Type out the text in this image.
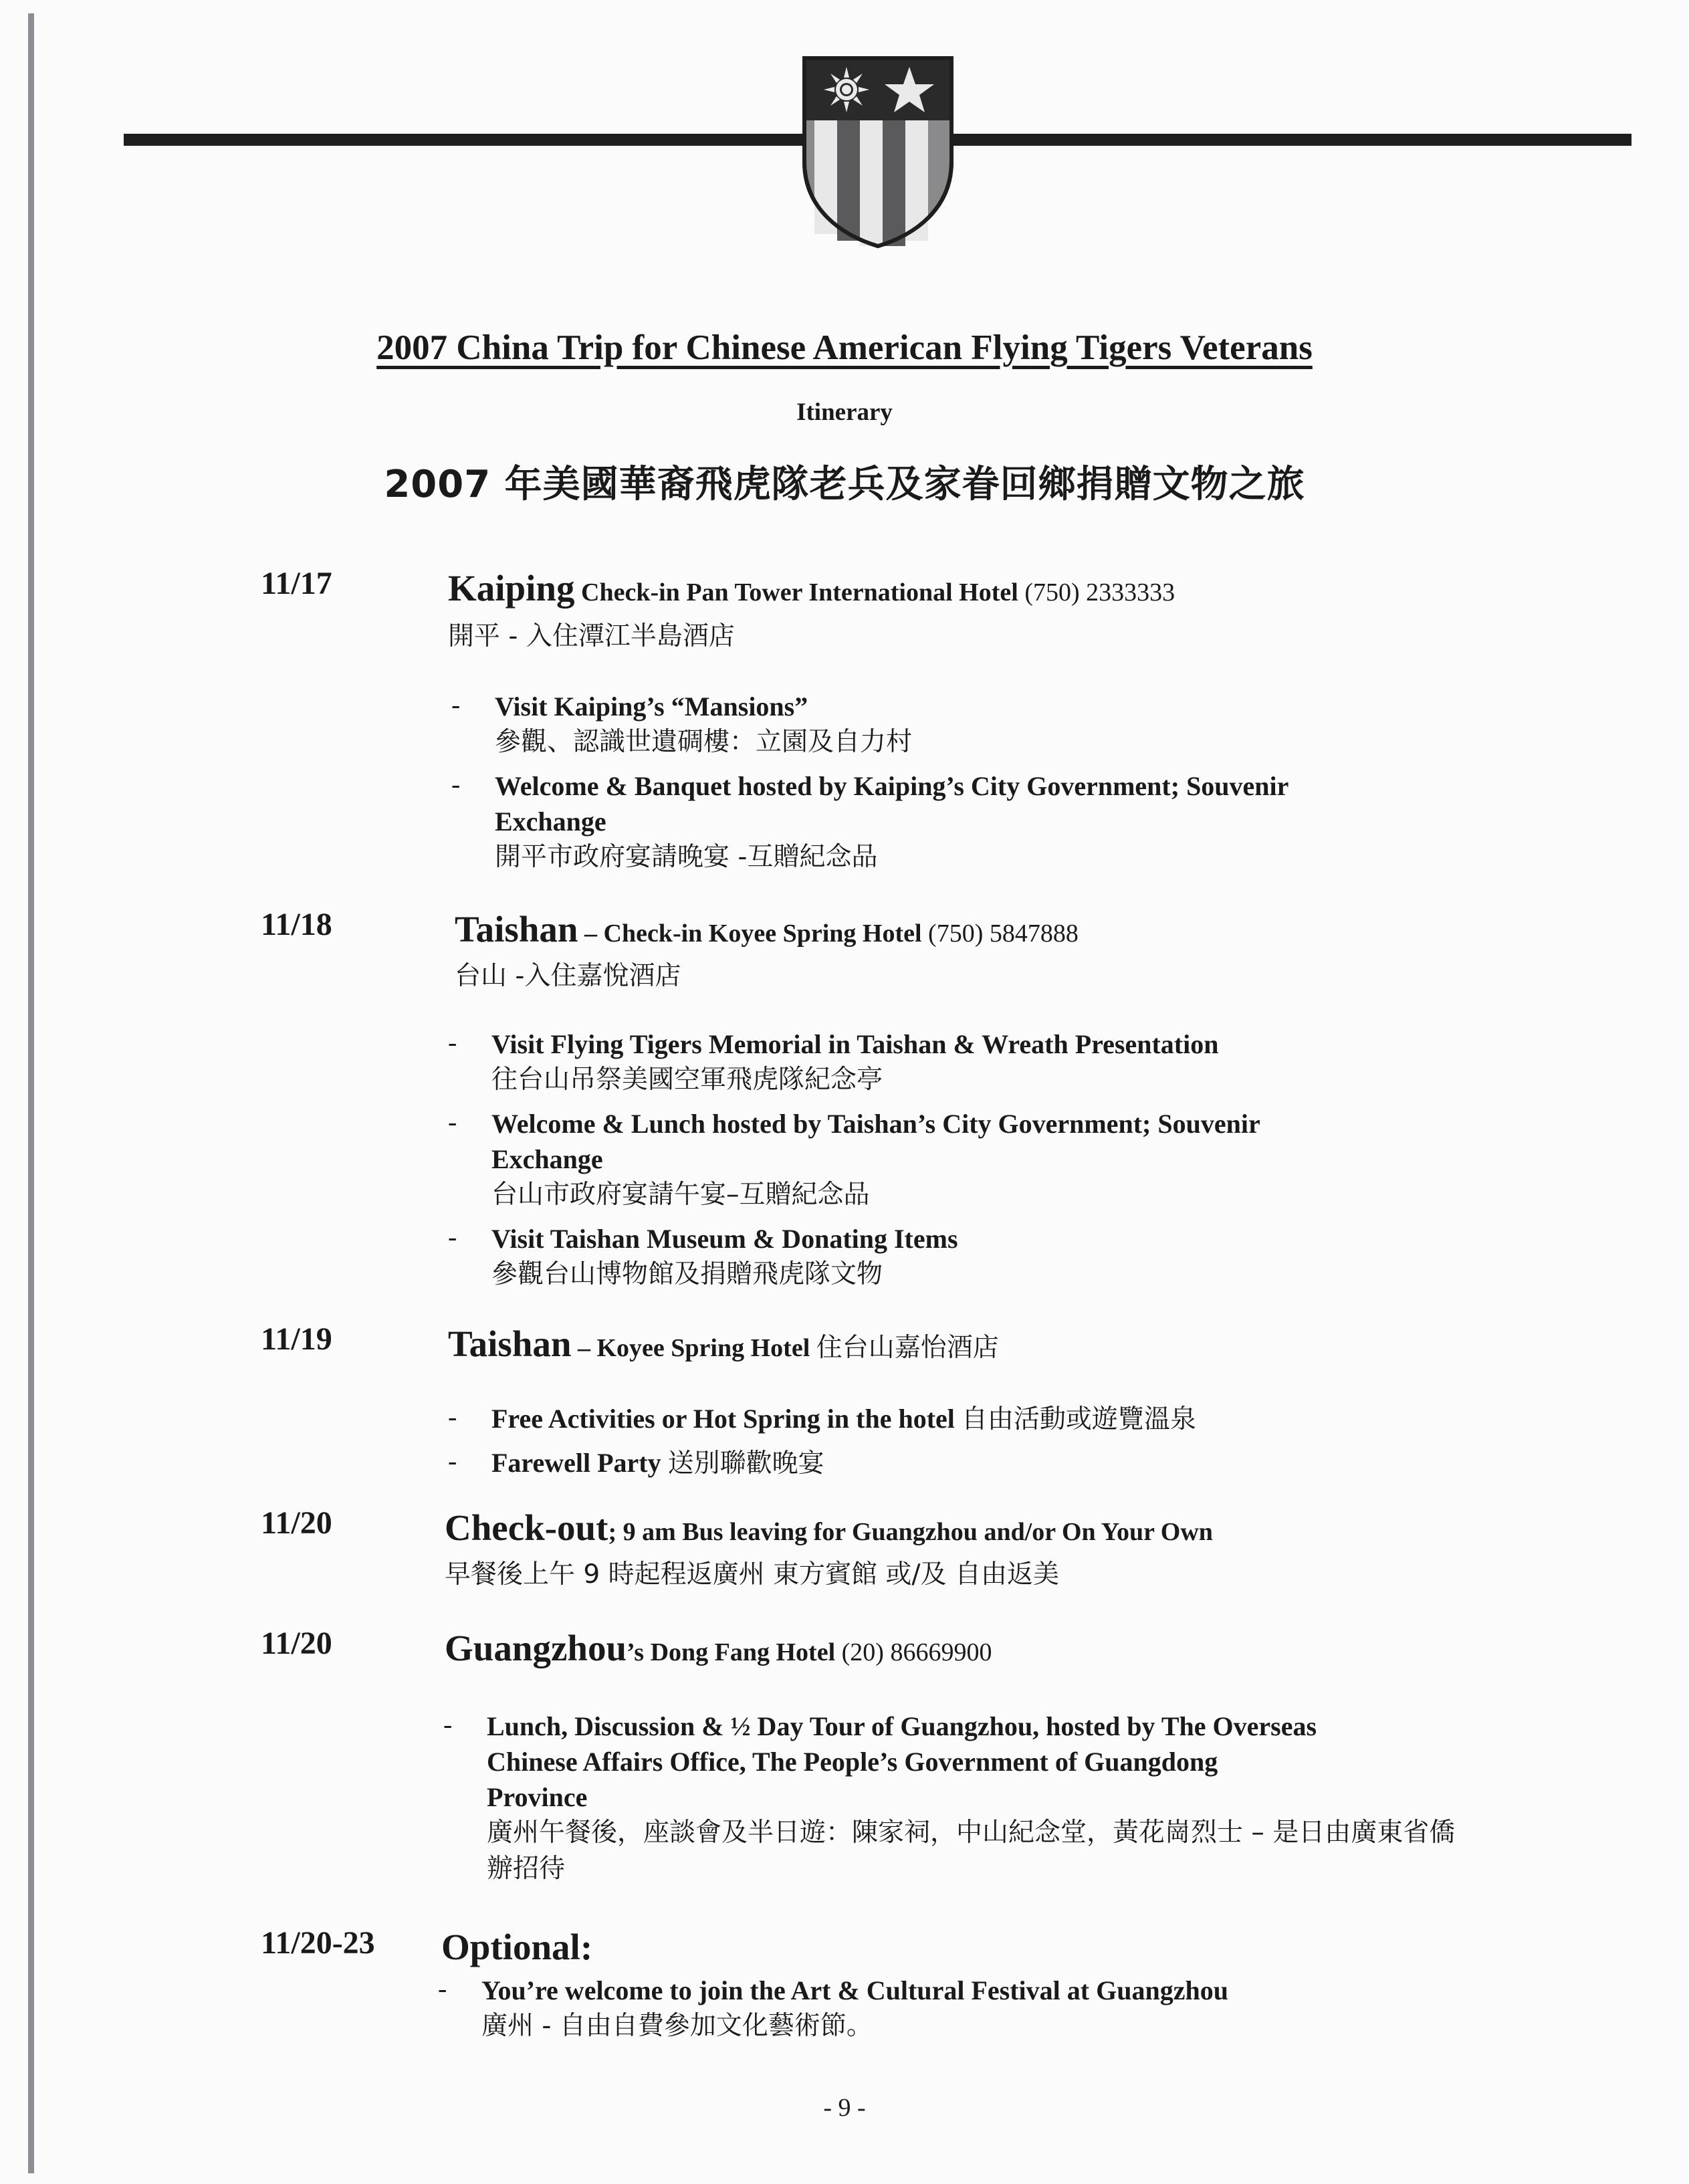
2007 China Trip for Chinese American Flying Tigers Veterans
Itinerary
2007 年美國華裔飛虎隊老兵及家眷回鄉捐贈文物之旅
11/17	Kaiping Check-in Pan Tower International Hotel (750) 2333333
開平 - 入住潭江半島酒店
- Visit Kaiping’s “Mansions”
參觀、認識世遺碉樓：立園及自力村
- Welcome & Banquet hosted by Kaiping’s City Government; Souvenir Exchange
開平市政府宴請晚宴 -互贈紀念品
11/18	Taishan – Check-in Koyee Spring Hotel (750) 5847888
台山 -入住嘉悅酒店
- Visit Flying Tigers Memorial in Taishan & Wreath Presentation
往台山吊祭美國空軍飛虎隊紀念亭
- Welcome & Lunch hosted by Taishan’s City Government; Souvenir Exchange
台山市政府宴請午宴–互贈紀念品
- Visit Taishan Museum & Donating Items
參觀台山博物館及捐贈飛虎隊文物
11/19	Taishan – Koyee Spring Hotel 住台山嘉怡酒店
- Free Activities or Hot Spring in the hotel 自由活動或遊覽溫泉
- Farewell Party 送別聯歡晚宴
11/20	Check-out; 9 am Bus leaving for Guangzhou and/or On Your Own
早餐後上午 9 時起程返廣州 東方賓館 或/及 自由返美
11/20	Guangzhou’s Dong Fang Hotel (20) 86669900
- Lunch, Discussion & ½ Day Tour of Guangzhou, hosted by The Overseas Chinese Affairs Office, The People’s Government of Guangdong Province
廣州午餐後，座談會及半日遊：陳家祠，中山紀念堂，黃花崗烈士 – 是日由廣東省僑辦招待
11/20-23 Optional:
- You’re welcome to join the Art & Cultural Festival at Guangzhou
廣州 - 自由自費參加文化藝術節。
- 9 -
